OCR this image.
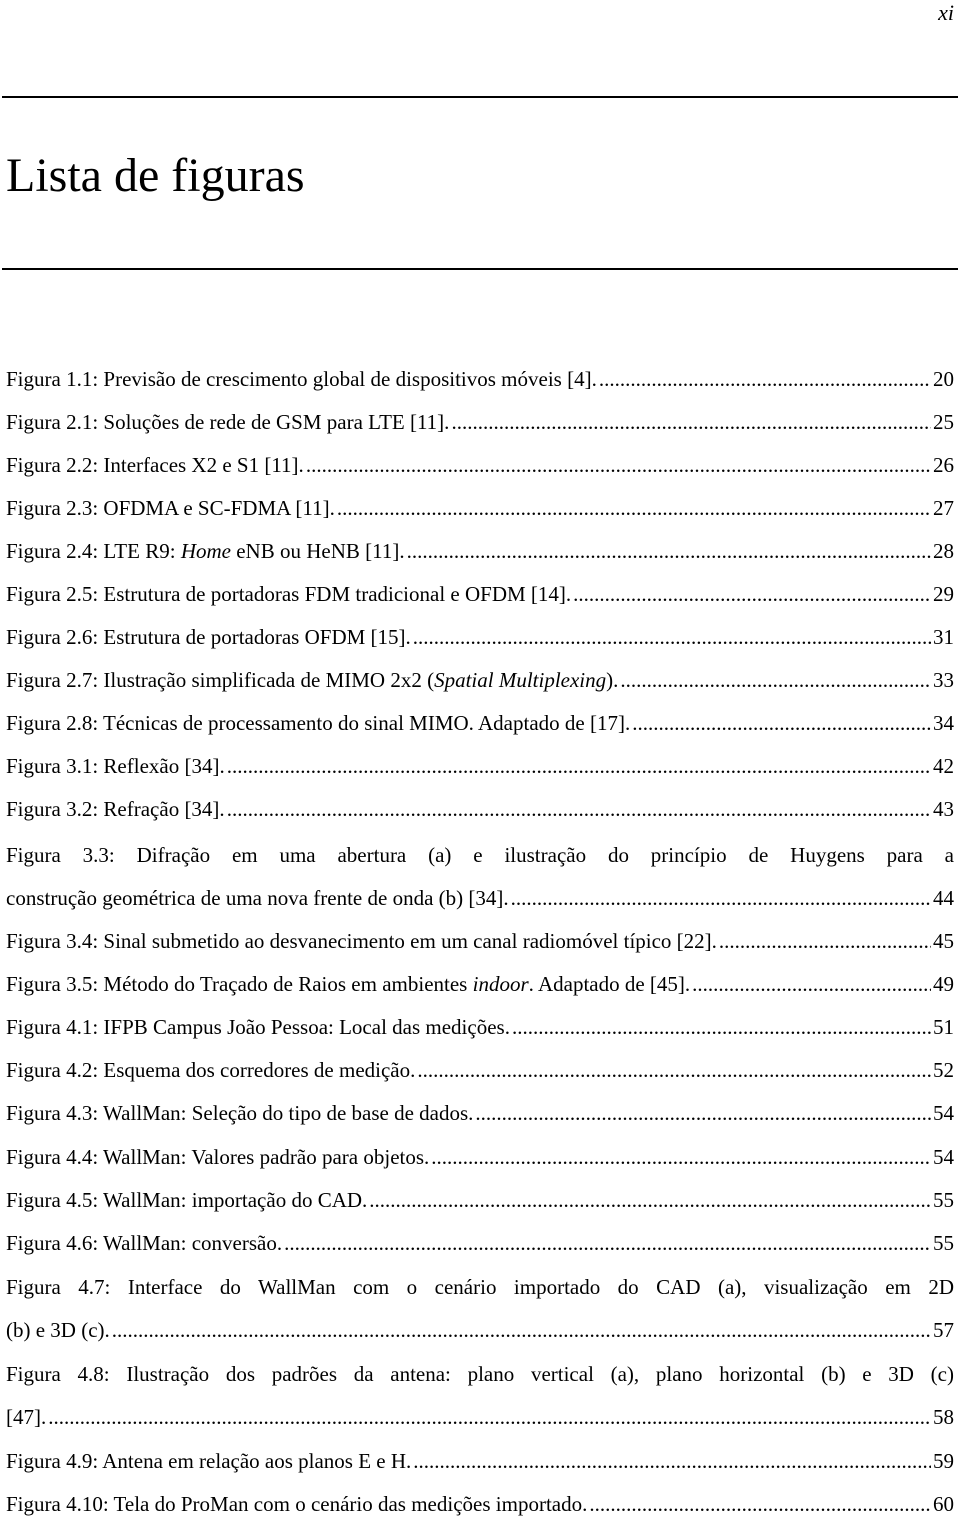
xi
Lista de figuras
Figura 1.1: Previsão de crescimento global de dispositivos móveis [4]. .....	20
Figura 2.1: Soluções de rede de GSM para LTE [11]. .....	25
Figura 2.2: Interfaces X2 e S1 [11]. .....	26
Figura 2.3: OFDMA e SC-FDMA [11]. .....	27
Figura 2.4: LTE R9: Home eNB ou HeNB [11]. .....	28
Figura 2.5: Estrutura de portadoras FDM tradicional e OFDM [14]. .....	29
Figura 2.6: Estrutura de portadoras OFDM [15]. .....	31
Figura 2.7: Ilustração simplificada de MIMO 2x2 (Spatial Multiplexing). .....	33
Figura 2.8: Técnicas de processamento do sinal MIMO. Adaptado de [17]. .....	34
Figura 3.1: Reflexão [34]. .....	42
Figura 3.2: Refração [34]. .....	43
Figura 3.3: Difração em uma abertura (a) e ilustração do princípio de Huygens para a
construção geométrica de uma nova frente de onda (b) [34]. .....	44
Figura 3.4: Sinal submetido ao desvanecimento em um canal radiomóvel típico [22]. .....	45
Figura 3.5: Método do Traçado de Raios em ambientes indoor. Adaptado de [45]. .....	49
Figura 4.1: IFPB Campus João Pessoa: Local das medições. .....	51
Figura 4.2: Esquema dos corredores de medição. .....	52
Figura 4.3: WallMan: Seleção do tipo de base de dados. .....	54
Figura 4.4: WallMan: Valores padrão para objetos. .....	54
Figura 4.5: WallMan: importação do CAD. .....	55
Figura 4.6: WallMan: conversão. .....	55
Figura 4.7: Interface do WallMan com o cenário importado do CAD (a), visualização em 2D
(b) e 3D (c). .....	57
Figura 4.8: Ilustração dos padrões da antena: plano vertical (a), plano horizontal (b) e 3D (c)
[47]. .....	58
Figura 4.9: Antena em relação aos planos E e H. .....	59
Figura 4.10: Tela do ProMan com o cenário das medições importado. .....	60
